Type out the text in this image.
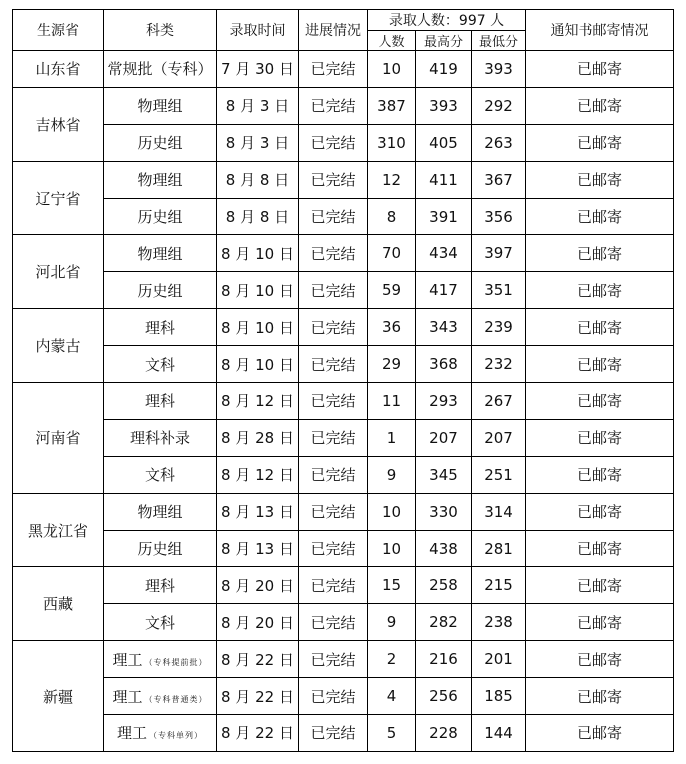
生源省	科类	录取时间	进展情况	录取人数：997 人			通知书邮寄情况
				人数	最高分	最低分	
山东省	常规批（专科）	7 月 30 日	已完结	10	419	393	已邮寄
吉林省	物理组	8 月 3 日	已完结	387	393	292	已邮寄
	历史组	8 月 3 日	已完结	310	405	263	已邮寄
辽宁省	物理组	8 月 8 日	已完结	12	411	367	已邮寄
	历史组	8 月 8 日	已完结	8	391	356	已邮寄
河北省	物理组	8 月 10 日	已完结	70	434	397	已邮寄
	历史组	8 月 10 日	已完结	59	417	351	已邮寄
内蒙古	理科	8 月 10 日	已完结	36	343	239	已邮寄
	文科	8 月 10 日	已完结	29	368	232	已邮寄
河南省	理科	8 月 12 日	已完结	11	293	267	已邮寄
	理科补录	8 月 28 日	已完结	1	207	207	已邮寄
	文科	8 月 12 日	已完结	9	345	251	已邮寄
黑龙江省	物理组	8 月 13 日	已完结	10	330	314	已邮寄
	历史组	8 月 13 日	已完结	10	438	281	已邮寄
西藏	理科	8 月 20 日	已完结	15	258	215	已邮寄
	文科	8 月 20 日	已完结	9	282	238	已邮寄
新疆	理工 （专科提前批）	8 月 22 日	已完结	2	216	201	已邮寄
	理工 （专科普通类）	8 月 22 日	已完结	4	256	185	已邮寄
	理工 （专科单列）	8 月 22 日	已完结	5	228	144	已邮寄
